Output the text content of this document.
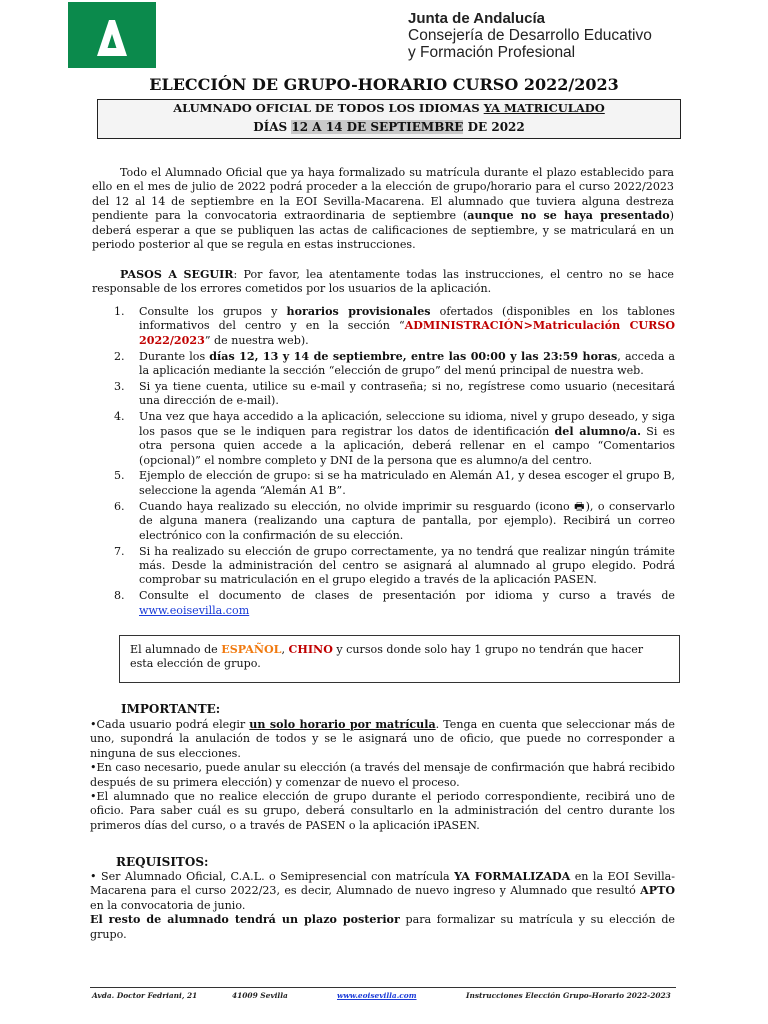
Junta de Andalucía
Consejería de Desarrollo Educativo
y Formación Profesional
ELECCIÓN DE GRUPO-HORARIO CURSO 2022/2023
ALUMNADO OFICIAL DE TODOS LOS IDIOMAS YA MATRICULADO
DÍAS 12 A 14 DE SEPTIEMBRE DE 2022
Todo el Alumnado Oficial que ya haya formalizado su matrícula durante el plazo establecido para ello en el mes de julio de 2022 podrá proceder a la elección de grupo/horario para el curso 2022/2023 del 12 al 14 de septiembre en la EOI Sevilla-Macarena. El alumnado que tuviera alguna destreza pendiente para la convocatoria extraordinaria de septiembre (aunque no se haya presentado) deberá esperar a que se publiquen las actas de calificaciones de septiembre, y se matriculará en un periodo posterior al que se regula en estas instrucciones.
PASOS A SEGUIR: Por favor, lea atentamente todas las instrucciones, el centro no se hace responsable de los errores cometidos por los usuarios de la aplicación.
1. Consulte los grupos y horarios provisionales ofertados (disponibles en los tablones informativos del centro y en la sección “ADMINISTRACIÓN>Matriculación CURSO 2022/2023” de nuestra web).
2. Durante los días 12, 13 y 14 de septiembre, entre las 00:00 y las 23:59 horas, acceda a la aplicación mediante la sección “elección de grupo” del menú principal de nuestra web.
3. Si ya tiene cuenta, utilice su e-mail y contraseña; si no, regístrese como usuario (necesitará una dirección de e-mail).
4. Una vez que haya accedido a la aplicación, seleccione su idioma, nivel y grupo deseado, y siga los pasos que se le indiquen para registrar los datos de identificación del alumno/a. Si es otra persona quien accede a la aplicación, deberá rellenar en el campo “Comentarios (opcional)” el nombre completo y DNI de la persona que es alumno/a del centro.
5. Ejemplo de elección de grupo: si se ha matriculado en Alemán A1, y desea escoger el grupo B, seleccione la agenda “Alemán A1 B”.
6. Cuando haya realizado su elección, no olvide imprimir su resguardo (icono 🖶), o conservarlo de alguna manera (realizando una captura de pantalla, por ejemplo). Recibirá un correo electrónico con la confirmación de su elección.
7. Si ha realizado su elección de grupo correctamente, ya no tendrá que realizar ningún trámite más. Desde la administración del centro se asignará al alumnado al grupo elegido. Podrá comprobar su matriculación en el grupo elegido a través de la aplicación PASEN.
8. Consulte el documento de clases de presentación por idioma y curso a través de www.eoisevilla.com
El alumnado de ESPAÑOL, CHINO y cursos donde solo hay 1 grupo no tendrán que hacer esta elección de grupo.
IMPORTANTE:
•Cada usuario podrá elegir un solo horario por matrícula. Tenga en cuenta que seleccionar más de uno, supondrá la anulación de todos y se le asignará uno de oficio, que puede no corresponder a ninguna de sus elecciones.
•En caso necesario, puede anular su elección (a través del mensaje de confirmación que habrá recibido después de su primera elección) y comenzar de nuevo el proceso.
•El alumnado que no realice elección de grupo durante el periodo correspondiente, recibirá uno de oficio. Para saber cuál es su grupo, deberá consultarlo en la administración del centro durante los primeros días del curso, o a través de PASEN o la aplicación iPASEN.
REQUISITOS:
• Ser Alumnado Oficial, C.A.L. o Semipresencial con matrícula YA FORMALIZADA en la EOI Sevilla-Macarena para el curso 2022/23, es decir, Alumnado de nuevo ingreso y Alumnado que resultó APTO en la convocatoria de junio.
El resto de alumnado tendrá un plazo posterior para formalizar su matrícula y su elección de grupo.
Avda. Doctor Fedriani, 21	41009 Sevilla	www.eoisevilla.com	Instrucciones Elección Grupo-Horario 2022-2023
